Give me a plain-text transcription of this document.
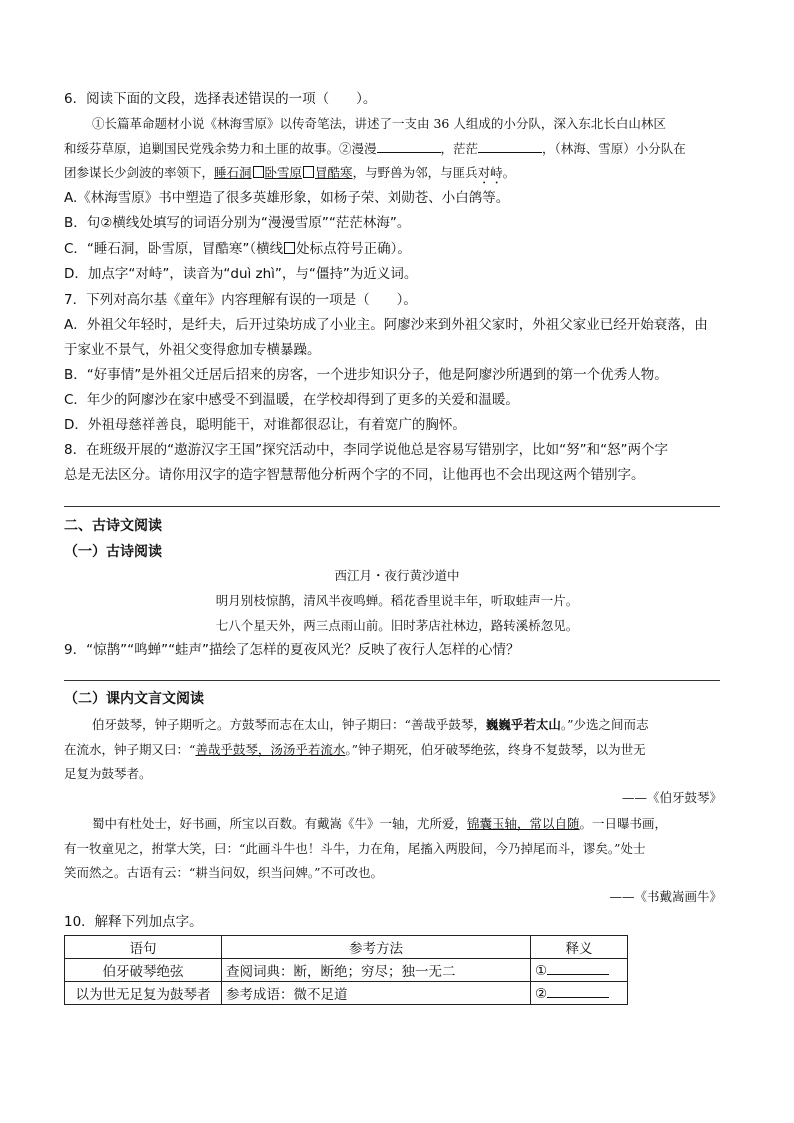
6．阅读下面的文段，选择表述错误的一项（　　）。
①长篇革命题材小说《林海雪原》以传奇笔法，讲述了一支由 36 人组成的小分队，深入东北长白山林区
和绥芬草原，追剿国民党残余势力和土匪的故事。②漫漫	，茫茫	，（林海、雪原）小分队在
团参谋长少剑波的率领下，睡石洞 卧雪原 冒酷寒，与野兽为邻，与匪兵对峙。
A.《林海雪原》书中塑造了很多英雄形象，如杨子荣、刘勋苍、小白鸽等。
B．句②横线处填写的词语分别为“漫漫雪原”“茫茫林海”。
C．“睡石洞，卧雪原，冒酷寒”（横线 处标点符号正确）。
D．加点字“对峙”，读音为“duì zhì”，与“僵持”为近义词。
7．下列对高尔基《童年》内容理解有误的一项是（　　）。
A．外祖父年轻时，是纤夫，后开过染坊成了小业主。阿廖沙来到外祖父家时，外祖父家业已经开始衰落，由
于家业不景气，外祖父变得愈加专横暴躁。
B．“好事情”是外祖父迁居后招来的房客，一个进步知识分子，他是阿廖沙所遇到的第一个优秀人物。
C．年少的阿廖沙在家中感受不到温暖，在学校却得到了更多的关爱和温暖。
D．外祖母慈祥善良，聪明能干，对谁都很忍让，有着宽广的胸怀。
8．在班级开展的“遨游汉字王国”探究活动中，李同学说他总是容易写错别字，比如“努”和“怒”两个字
总是无法区分。请你用汉字的造字智慧帮他分析两个字的不同，让他再也不会出现这两个错别字。
二、古诗文阅读
（一）古诗阅读
西江月・夜行黄沙道中
明月别枝惊鹊，清风半夜鸣蝉。稻花香里说丰年，听取蛙声一片。
七八个星天外，两三点雨山前。旧时茅店社林边，路转溪桥忽见。
9．“惊鹊”“鸣蝉”“蛙声”描绘了怎样的夏夜风光？反映了夜行人怎样的心情？
（二）课内文言文阅读
伯牙鼓琴，钟子期听之。方鼓琴而志在太山，钟子期曰：“善哉乎鼓琴，巍巍乎若太山。”少选之间而志
在流水，钟子期又曰：“善哉乎鼓琴，汤汤乎若流水。”钟子期死，伯牙破琴绝弦，终身不复鼓琴，以为世无
足复为鼓琴者。
——《伯牙鼓琴》
蜀中有杜处士，好书画，所宝以百数。有戴嵩《牛》一轴，尤所爱，锦囊玉轴，常以自随。一日曝书画，
有一牧童见之，拊掌大笑，曰：“此画斗牛也！斗牛，力在角，尾搐入两股间，今乃掉尾而斗，谬矣。”处士
笑而然之。古语有云：“耕当问奴，织当问婢。”不可改也。
——《书戴嵩画牛》
10．解释下列加点字。
语句	参考方法	释义
伯牙破琴绝弦	查阅词典：断，断绝；穷尽；独一无二	①
以为世无足复为鼓琴者	参考成语：微不足道	②
